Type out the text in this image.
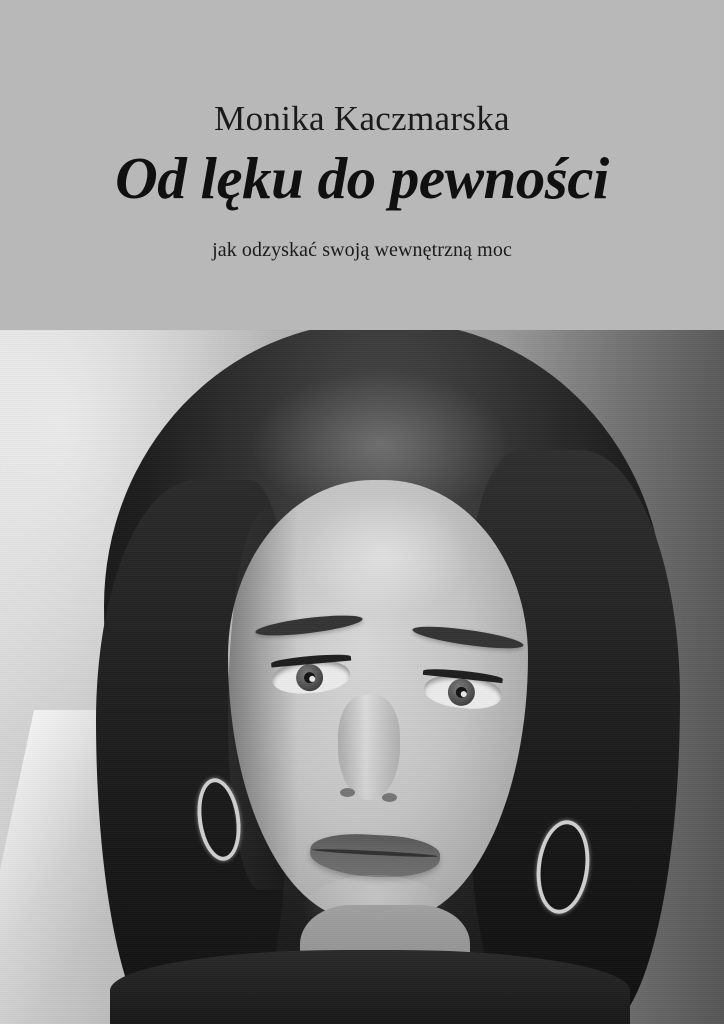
Monika Kaczmarska
Od lęku do pewności
jak odzyskać swoją wewnętrzną moc
